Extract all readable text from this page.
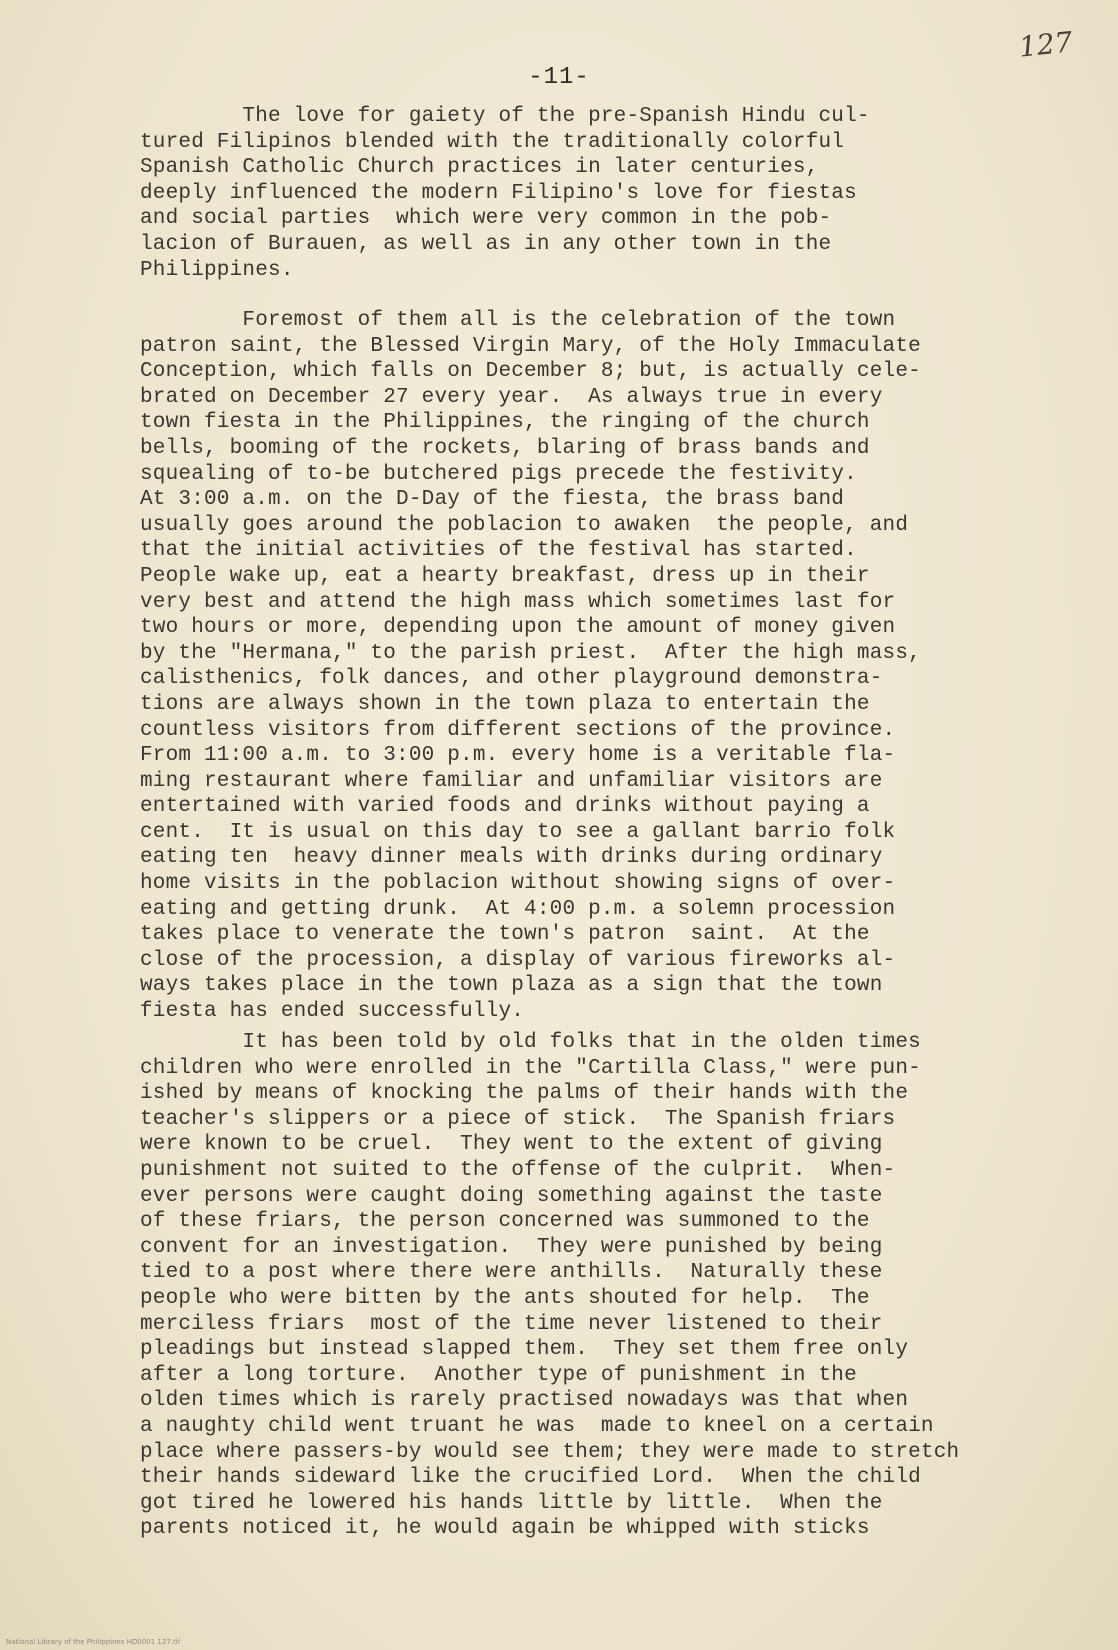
127
-11-

The love for gaiety of the pre-Spanish Hindu cul-
tured Filipinos blended with the traditionally colorful
Spanish Catholic Church practices in later centuries,
deeply influenced the modern Filipino's love for fiestas
and social parties  which were very common in the pob-
lacion of Burauen, as well as in any other town in the
Philippines.

Foremost of them all is the celebration of the town
patron saint, the Blessed Virgin Mary, of the Holy Immaculate
Conception, which falls on December 8; but, is actually cele-
brated on December 27 every year.  As always true in every
town fiesta in the Philippines, the ringing of the church
bells, booming of the rockets, blaring of brass bands and
squealing of to-be butchered pigs precede the festivity.
At 3:00 a.m. on the D-Day of the fiesta, the brass band
usually goes around the poblacion to awaken  the people, and
that the initial activities of the festival has started.
People wake up, eat a hearty breakfast, dress up in their
very best and attend the high mass which sometimes last for
two hours or more, depending upon the amount of money given
by the "Hermana," to the parish priest.  After the high mass,
calisthenics, folk dances, and other playground demonstra-
tions are always shown in the town plaza to entertain the
countless visitors from different sections of the province.
From 11:00 a.m. to 3:00 p.m. every home is a veritable fla-
ming restaurant where familiar and unfamiliar visitors are
entertained with varied foods and drinks without paying a
cent.  It is usual on this day to see a gallant barrio folk
eating ten  heavy dinner meals with drinks during ordinary
home visits in the poblacion without showing signs of over-
eating and getting drunk.  At 4:00 p.m. a solemn procession
takes place to venerate the town's patron  saint.  At the
close of the procession, a display of various fireworks al-
ways takes place in the town plaza as a sign that the town
fiesta has ended successfully.

It has been told by old folks that in the olden times
children who were enrolled in the "Cartilla Class," were pun-
ished by means of knocking the palms of their hands with the
teacher's slippers or a piece of stick.  The Spanish friars
were known to be cruel.  They went to the extent of giving
punishment not suited to the offense of the culprit.  When-
ever persons were caught doing something against the taste
of these friars, the person concerned was summoned to the
convent for an investigation.  They were punished by being
tied to a post where there were anthills.  Naturally these
people who were bitten by the ants shouted for help.  The
merciless friars  most of the time never listened to their
pleadings but instead slapped them.  They set them free only
after a long torture.  Another type of punishment in the
olden times which is rarely practised nowadays was that when
a naughty child went truant he was  made to kneel on a certain
place where passers-by would see them; they were made to stretch
their hands sideward like the crucified Lord.  When the child
got tired he lowered his hands little by little.  When the
parents noticed it, he would again be whipped with sticks

National Library of the Philippines HD0001 127.tif
